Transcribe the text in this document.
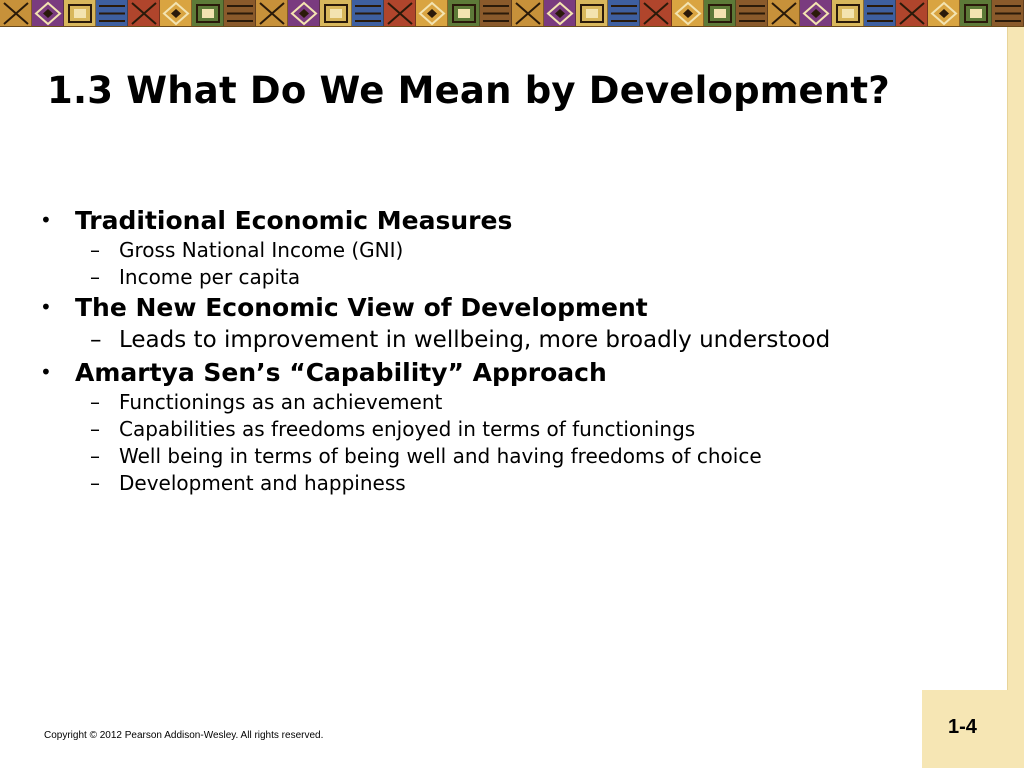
1-4
1.3 What Do We Mean by Development?
• Traditional Economic Measures
– Gross National Income (GNI)
– Income per capita
• The New Economic View of Development
– Leads to improvement in wellbeing, more broadly understood
• Amartya Sen’s “Capability” Approach
– Functionings as an achievement
– Capabilities as freedoms enjoyed in terms of functionings
– Well being in terms of being well and having freedoms of choice
– Development and happiness
Copyright © 2012 Pearson Addison-Wesley. All rights reserved.
